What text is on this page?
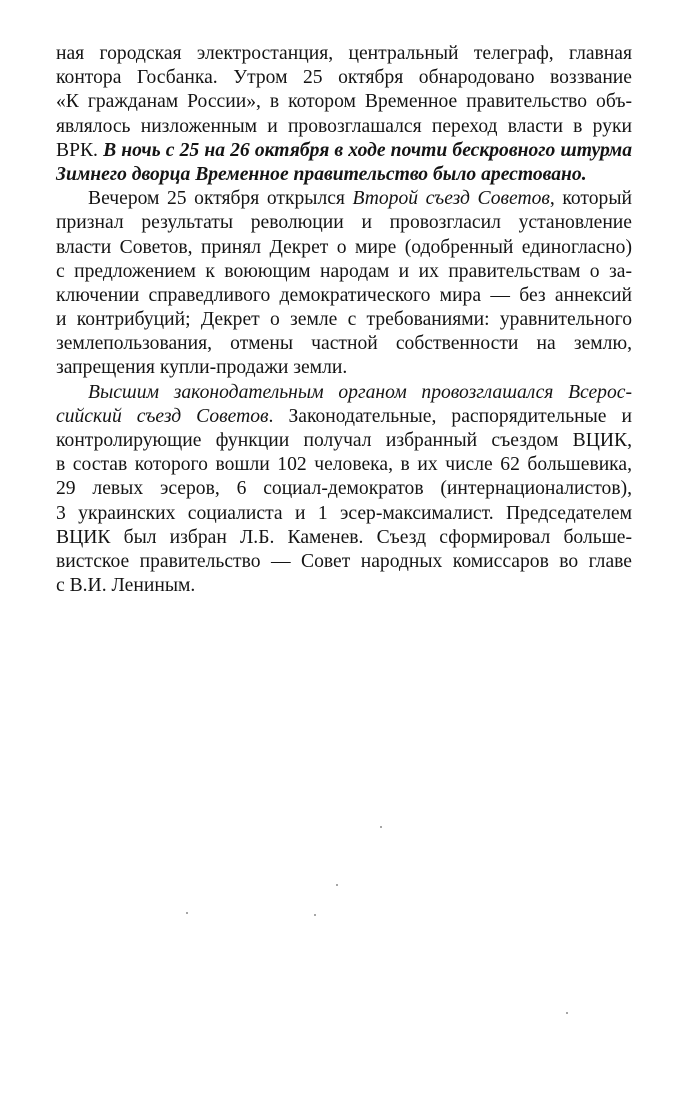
ная городская электростанция, центральный телеграф, главная
контора Госбанка. Утром 25 октября обнародовано воззвание
«К гражданам России», в котором Временное правительство объ-
являлось низложенным и провозглашался переход власти в руки
ВРК. В ночь с 25 на 26 октября в ходе почти бескровного штурма
Зимнего дворца Временное правительство было арестовано.
Вечером 25 октября открылся Второй съезд Советов, который
признал результаты революции и провозгласил установление
власти Советов, принял Декрет о мире (одобренный единогласно)
с предложением к воюющим народам и их правительствам о за-
ключении справедливого демократического мира — без аннексий
и контрибуций; Декрет о земле с требованиями: уравнительного
землепользования, отмены частной собственности на землю,
запрещения купли-продажи земли.
Высшим законодательным органом провозглашался Всерос-
сийский съезд Советов. Законодательные, распорядительные и
контролирующие функции получал избранный съездом ВЦИК,
в состав которого вошли 102 человека, в их числе 62 большевика,
29 левых эсеров, 6 социал-демократов (интернационалистов),
3 украинских социалиста и 1 эсер-максималист. Председателем
ВЦИК был избран Л.Б. Каменев. Съезд сформировал больше-
вистское правительство — Совет народных комиссаров во главе
с В.И. Лениным.
